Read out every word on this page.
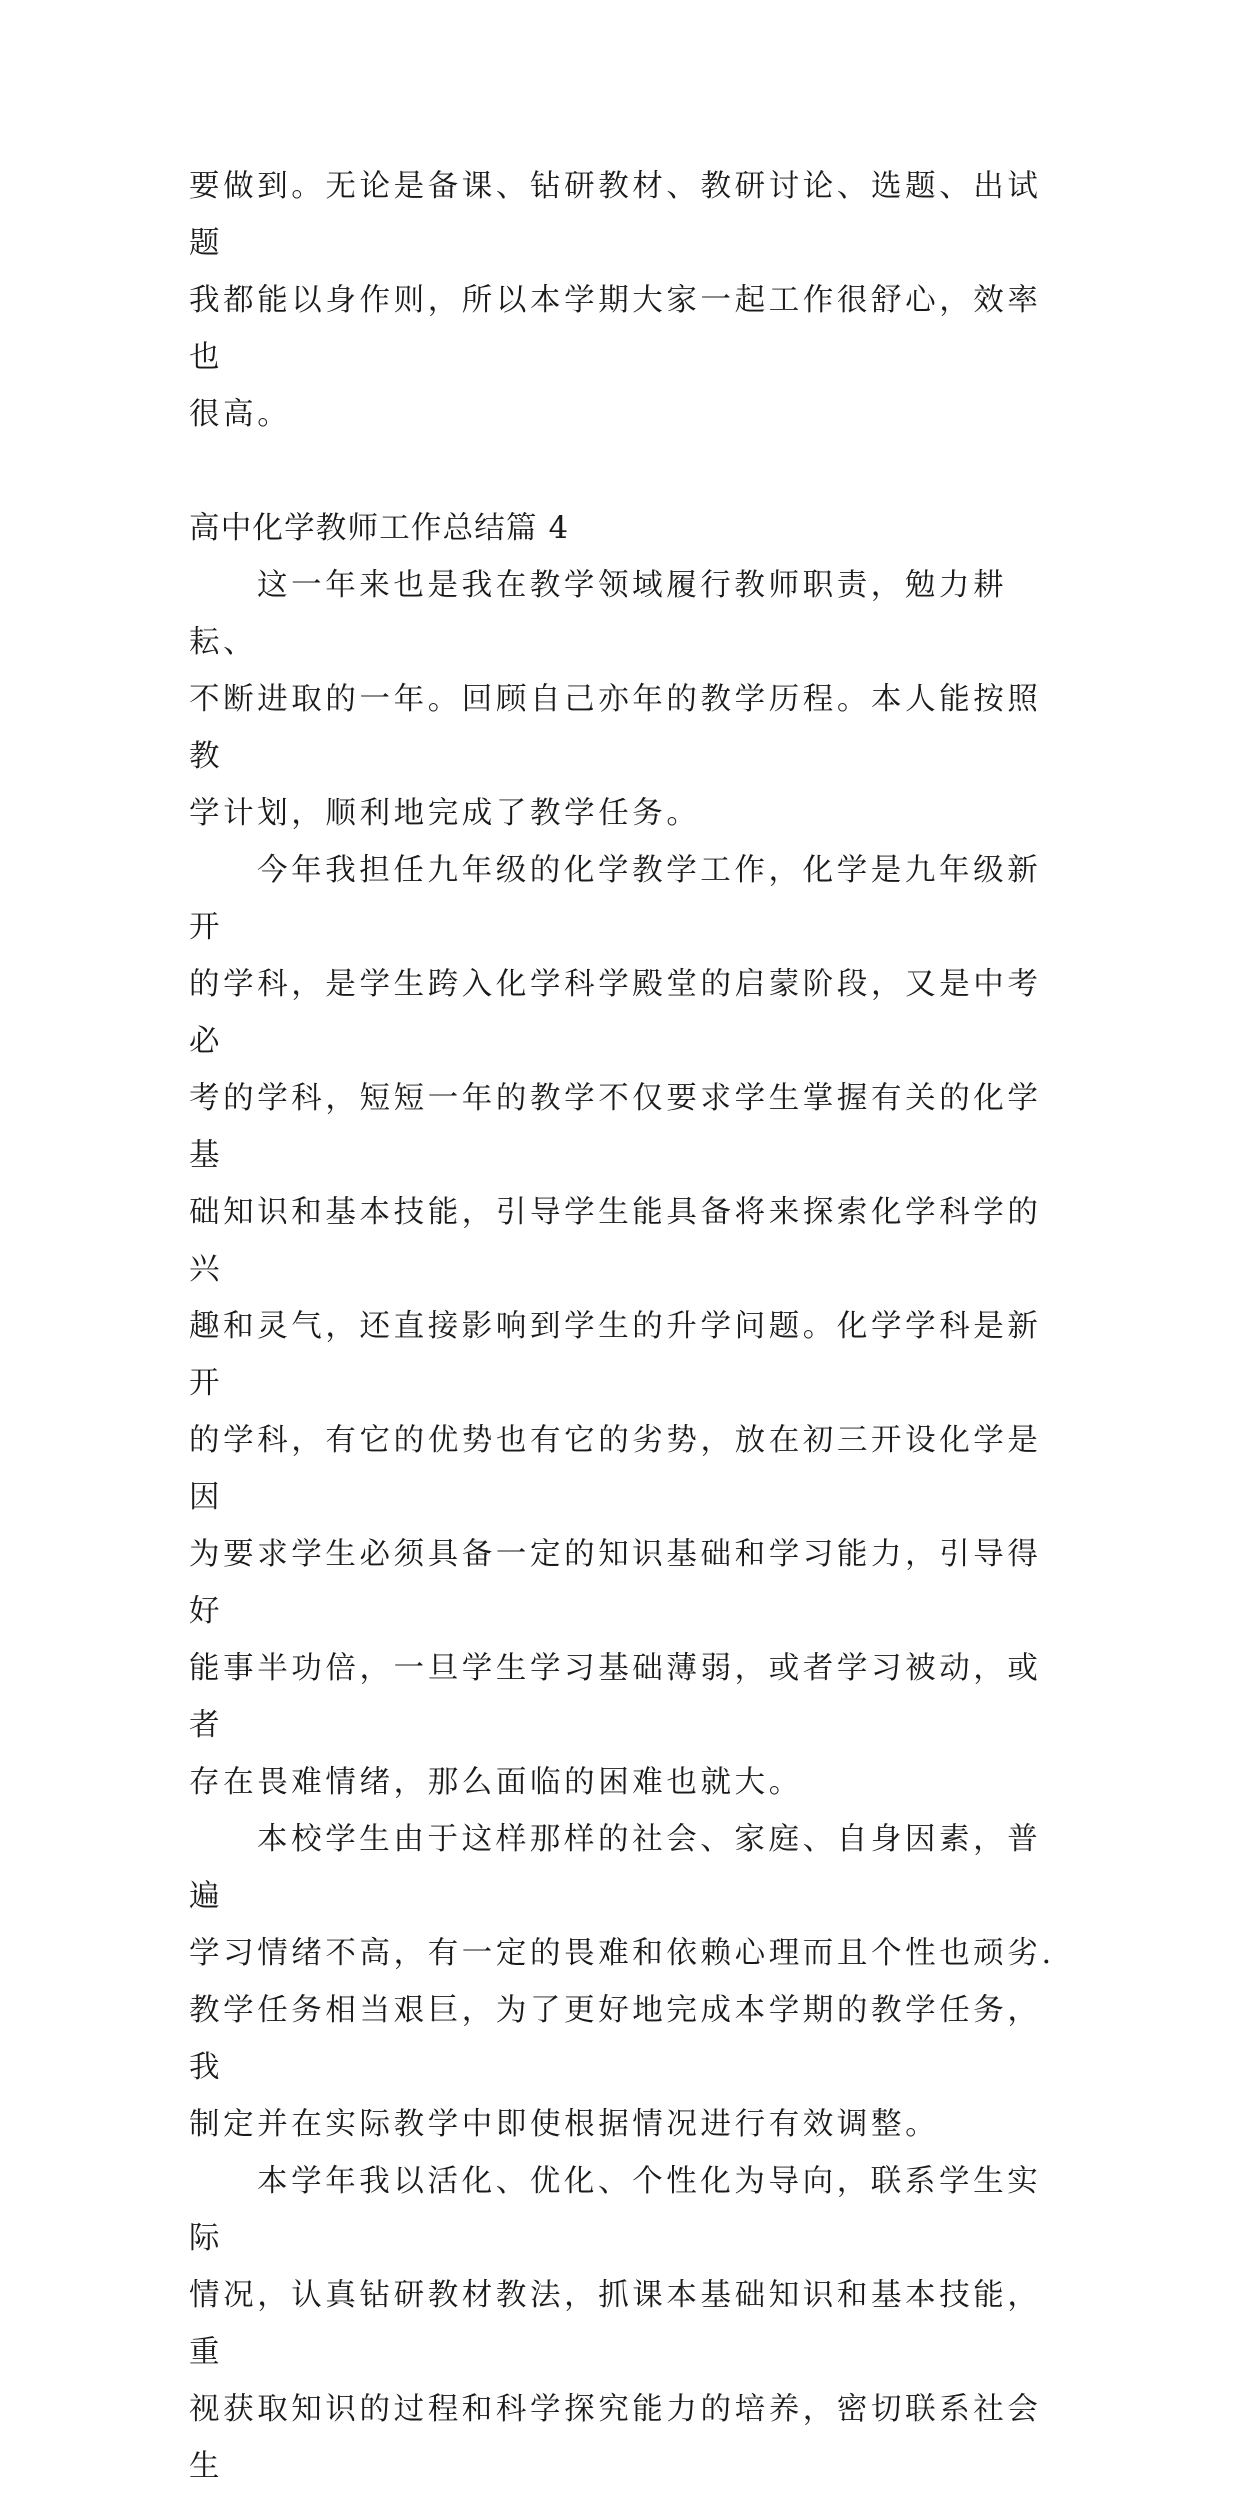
要做到。无论是备课、钻研教材、教研讨论、选题、出试题
我都能以身作则，所以本学期大家一起工作很舒心，效率也
很高。

高中化学教师工作总结篇 4

这一年来也是我在教学领域履行教师职责，勉力耕耘、
不断进取的一年。回顾自己亦年的教学历程。本人能按照教
学计划，顺利地完成了教学任务。

今年我担任九年级的化学教学工作，化学是九年级新开
的学科，是学生跨入化学科学殿堂的启蒙阶段，又是中考必
考的学科，短短一年的教学不仅要求学生掌握有关的化学基
础知识和基本技能，引导学生能具备将来探索化学科学的兴
趣和灵气，还直接影响到学生的升学问题。化学学科是新开
的学科，有它的优势也有它的劣势，放在初三开设化学是因
为要求学生必须具备一定的知识基础和学习能力，引导得好
能事半功倍，一旦学生学习基础薄弱，或者学习被动，或者
存在畏难情绪，那么面临的困难也就大。

本校学生由于这样那样的社会、家庭、自身因素，普遍
学习情绪不高，有一定的畏难和依赖心理而且个性也顽劣.
教学任务相当艰巨，为了更好地完成本学期的教学任务，我
制定并在实际教学中即使根据情况进行有效调整。

本学年我以活化、优化、个性化为导向，联系学生实际
情况，认真钻研教材教法，抓课本基础知识和基本技能，重
视获取知识的过程和科学探究能力的培养，密切联系社会生
